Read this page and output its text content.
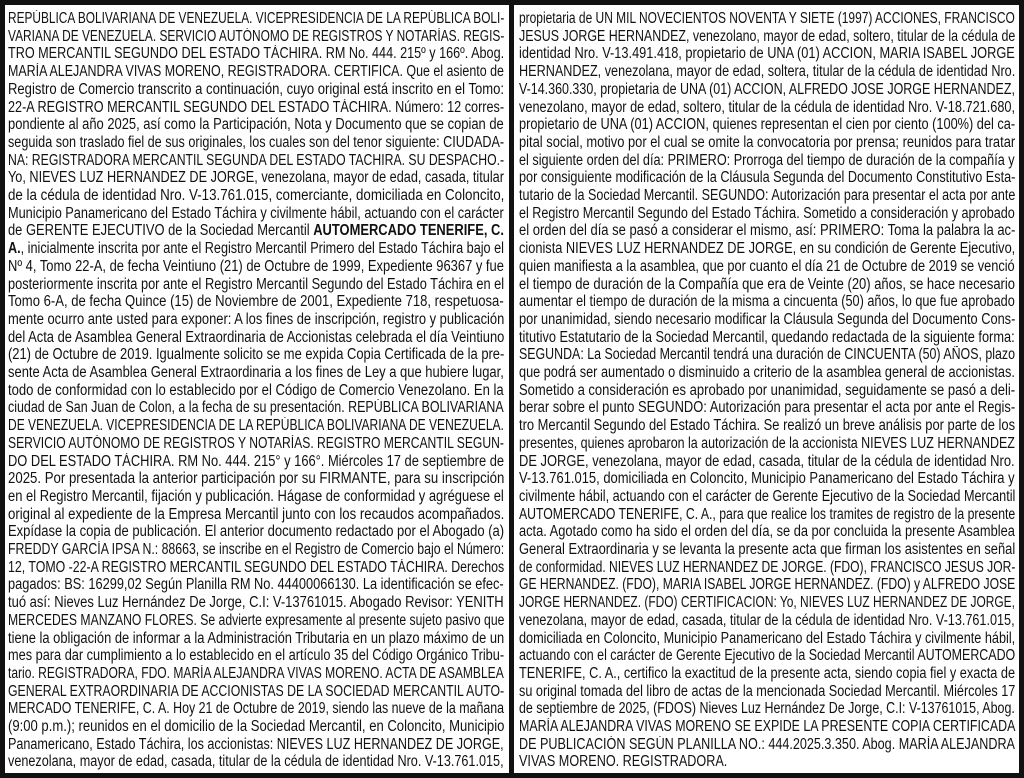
REPÚBLICA BOLIVARIANA DE VENEZUELA. VICEPRESIDENCIA DE LA REPÚBLICA BOLI-
VARIANA DE VENEZUELA. SERVICIO AUTÓNOMO DE REGISTROS Y NOTARÍAS. REGIS-
TRO MERCANTIL SEGUNDO DEL ESTADO TÁCHIRA. RM No. 444. 215º y 166º. Abog.
MARÍA ALEJANDRA VIVAS MORENO, REGISTRADORA. CERTIFICA. Que el asiento de
Registro de Comercio transcrito a continuación, cuyo original está inscrito en el Tomo:
22-A REGISTRO MERCANTIL SEGUNDO DEL ESTADO TÁCHIRA. Número: 12 corres-
pondiente al año 2025, así como la Participación, Nota y Documento que se copian de
seguida son traslado fiel de sus originales, los cuales son del tenor siguiente: CIUDADA-
NA: REGISTRADORA MERCANTIL SEGUNDA DEL ESTADO TACHIRA. SU DESPACHO.-
Yo, NIEVES LUZ HERNANDEZ DE JORGE, venezolana, mayor de edad, casada, titular
de la cédula de identidad Nro. V-13.761.015, comerciante, domiciliada en Coloncito,
Municipio Panamericano del Estado Táchira y civilmente hábil, actuando con el carácter
de GERENTE EJECUTIVO de la Sociedad Mercantil AUTOMERCADO TENERIFE, C.
A., inicialmente inscrita por ante el Registro Mercantil Primero del Estado Táchira bajo el
Nº 4, Tomo 22-A, de fecha Veintiuno (21) de Octubre de 1999, Expediente 96367 y fue
posteriormente inscrita por ante el Registro Mercantil Segundo del Estado Táchira en el
Tomo 6-A, de fecha Quince (15) de Noviembre de 2001, Expediente 718, respetuosa-
mente ocurro ante usted para exponer: A los fines de inscripción, registro y publicación
del Acta de Asamblea General Extraordinaria de Accionistas celebrada el día Veintiuno
(21) de Octubre de 2019. Igualmente solicito se me expida Copia Certificada de la pre-
sente Acta de Asamblea General Extraordinaria a los fines de Ley a que hubiere lugar,
todo de conformidad con lo establecido por el Código de Comercio Venezolano. En la
ciudad de San Juan de Colon, a la fecha de su presentación. REPÚBLICA BOLIVARIANA
DE VENEZUELA. VICEPRESIDENCIA DE LA REPÚBLICA BOLIVARIANA DE VENEZUELA.
SERVICIO AUTÓNOMO DE REGISTROS Y NOTARÍAS. REGISTRO MERCANTIL SEGUN-
DO DEL ESTADO TÁCHIRA. RM No. 444. 215° y 166°. Miércoles 17 de septiembre de
2025. Por presentada la anterior participación por su FIRMANTE, para su inscripción
en el Registro Mercantil, fijación y publicación. Hágase de conformidad y agréguese el
original al expediente de la Empresa Mercantil junto con los recaudos acompañados.
Expídase la copia de publicación. El anterior documento redactado por el Abogado (a)
FREDDY GARCÍA IPSA N.: 88663, se inscribe en el Registro de Comercio bajo el Número:
12, TOMO -22-A REGISTRO MERCANTIL SEGUNDO DEL ESTADO TÁCHIRA. Derechos
pagados: BS: 16299,02 Según Planilla RM No. 44400066130. La identificación se efec-
tuó así: Nieves Luz Hernández De Jorge, C.I: V-13761015. Abogado Revisor: YENITH
MERCEDES MANZANO FLORES. Se advierte expresamente al presente sujeto pasivo que
tiene la obligación de informar a la Administración Tributaria en un plazo máximo de un
mes para dar cumplimiento a lo establecido en el artículo 35 del Código Orgánico Tribu-
tario. REGISTRADORA, FDO. MARÍA ALEJANDRA VIVAS MORENO. ACTA DE ASAMBLEA
GENERAL EXTRAORDINARIA DE ACCIONISTAS DE LA SOCIEDAD MERCANTIL AUTO-
MERCADO TENERIFE, C. A. Hoy 21 de Octubre de 2019, siendo las nueve de la mañana
(9:00 p.m.); reunidos en el domicilio de la Sociedad Mercantil, en Coloncito, Municipio
Panamericano, Estado Táchira, los accionistas: NIEVES LUZ HERNANDEZ DE JORGE,
venezolana, mayor de edad, casada, titular de la cédula de identidad Nro. V-13.761.015,
propietaria de UN MIL NOVECIENTOS NOVENTA Y SIETE (1997) ACCIONES, FRANCISCO
JESUS JORGE HERNANDEZ, venezolano, mayor de edad, soltero, titular de la cédula de
identidad Nro. V-13.491.418, propietario de UNA (01) ACCION, MARIA ISABEL JORGE
HERNANDEZ, venezolana, mayor de edad, soltera, titular de la cédula de identidad Nro.
V-14.360.330, propietaria de UNA (01) ACCION, ALFREDO JOSE JORGE HERNANDEZ,
venezolano, mayor de edad, soltero, titular de la cédula de identidad Nro. V-18.721.680,
propietario de UNA (01) ACCION, quienes representan el cien por ciento (100%) del ca-
pital social, motivo por el cual se omite la convocatoria por prensa; reunidos para tratar
el siguiente orden del día: PRIMERO: Prorroga del tiempo de duración de la compañía y
por consiguiente modificación de la Cláusula Segunda del Documento Constitutivo Esta-
tutario de la Sociedad Mercantil. SEGUNDO: Autorización para presentar el acta por ante
el Registro Mercantil Segundo del Estado Táchira. Sometido a consideración y aprobado
el orden del día se pasó a considerar el mismo, así: PRIMERO: Toma la palabra la ac-
cionista NIEVES LUZ HERNANDEZ DE JORGE, en su condición de Gerente Ejecutivo,
quien manifiesta a la asamblea, que por cuanto el día 21 de Octubre de 2019 se venció
el tiempo de duración de la Compañía que era de Veinte (20) años, se hace necesario
aumentar el tiempo de duración de la misma a cincuenta (50) años, lo que fue aprobado
por unanimidad, siendo necesario modificar la Cláusula Segunda del Documento Cons-
titutivo Estatutario de la Sociedad Mercantil, quedando redactada de la siguiente forma:
SEGUNDA: La Sociedad Mercantil tendrá una duración de CINCUENTA (50) AÑOS, plazo
que podrá ser aumentado o disminuido a criterio de la asamblea general de accionistas.
Sometido a consideración es aprobado por unanimidad, seguidamente se pasó a deli-
berar sobre el punto SEGUNDO: Autorización para presentar el acta por ante el Regis-
tro Mercantil Segundo del Estado Táchira. Se realizó un breve análisis por parte de los
presentes, quienes aprobaron la autorización de la accionista NIEVES LUZ HERNANDEZ
DE JORGE, venezolana, mayor de edad, casada, titular de la cédula de identidad Nro.
V-13.761.015, domiciliada en Coloncito, Municipio Panamericano del Estado Táchira y
civilmente hábil, actuando con el carácter de Gerente Ejecutivo de la Sociedad Mercantil
AUTOMERCADO TENERIFE, C. A., para que realice los tramites de registro de la presente
acta. Agotado como ha sido el orden del día, se da por concluida la presente Asamblea
General Extraordinaria y se levanta la presente acta que firman los asistentes en señal
de conformidad. NIEVES LUZ HERNANDEZ DE JORGE. (FDO), FRANCISCO JESUS JOR-
GE HERNANDEZ. (FDO), MARIA ISABEL JORGE HERNANDEZ. (FDO) y ALFREDO JOSE
JORGE HERNANDEZ. (FDO) CERTIFICACION: Yo, NIEVES LUZ HERNANDEZ DE JORGE,
venezolana, mayor de edad, casada, titular de la cédula de identidad Nro. V-13.761.015,
domiciliada en Coloncito, Municipio Panamericano del Estado Táchira y civilmente hábil,
actuando con el carácter de Gerente Ejecutivo de la Sociedad Mercantil AUTOMERCADO
TENERIFE, C. A., certifico la exactitud de la presente acta, siendo copia fiel y exacta de
su original tomada del libro de actas de la mencionada Sociedad Mercantil. Miércoles 17
de septiembre de 2025, (FDOS) Nieves Luz Hernández De Jorge, C.I: V-13761015, Abog.
MARÍA ALEJANDRA VIVAS MORENO SE EXPIDE LA PRESENTE COPIA CERTIFICADA
DE PUBLICACIÓN SEGÚN PLANILLA NO.: 444.2025.3.350. Abog. MARÍA ALEJANDRA
VIVAS MORENO. REGISTRADORA.
